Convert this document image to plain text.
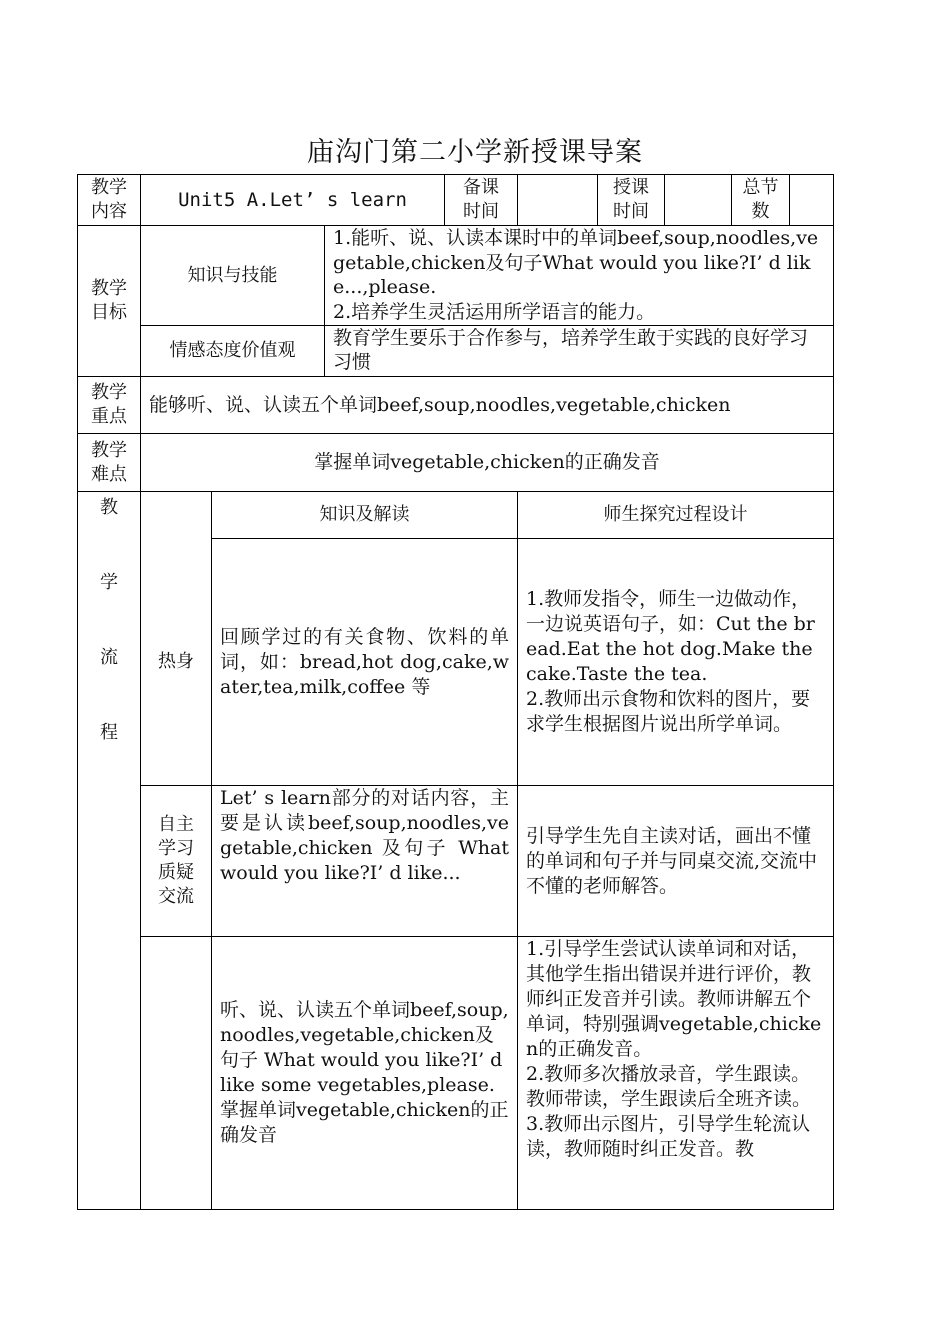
庙沟门第二小学新授课导案
教学内容
Unit5 A.Let’ s learn
备课时间
授课时间
总节数
教学目标
知识与技能
1.能听、说、认读本课时中的单词beef,soup,noodles,vegetable,chicken及句子What would you like?I’ d like...,please.
2.培养学生灵活运用所学语言的能力。
情感态度价值观
教育学生要乐于合作参与，培养学生敢于实践的良好学习习惯
教学重点
能够听、说、认读五个单词beef,soup,noodles,vegetable,chicken
教学难点
掌握单词vegetable,chicken的正确发音
教
学
流
程
知识及解读	师生探究过程设计
热身
回顾学过的有关食物、饮料的单词，如：bread,hot dog,cake,water,tea,milk,coffee 等
1.教师发指令，师生一边做动作，一边说英语句子，如：Cut the bread.Eat the hot dog.Make the cake.Taste the tea.
2.教师出示食物和饮料的图片，要求学生根据图片说出所学单词。
自主学习质疑交流
Let’ s learn部分的对话内容，主要是认读beef,soup,noodles,vegetable,chicken 及句子 What would you like?I’ d like...
引导学生先自主读对话，画出不懂的单词和句子并与同桌交流,交流中不懂的老师解答。
听、说、认读五个单词beef,soup,noodles,vegetable,chicken及句子 What would you like?I’ d like some vegetables,please.掌握单词vegetable,chicken的正确发音
1.引导学生尝试认读单词和对话，其他学生指出错误并进行评价，教师纠正发音并引读。教师讲解五个单词，特别强调vegetable,chicken的正确发音。
2.教师多次播放录音，学生跟读。教师带读，学生跟读后全班齐读。
3.教师出示图片，引导学生轮流认读，教师随时纠正发音。教
